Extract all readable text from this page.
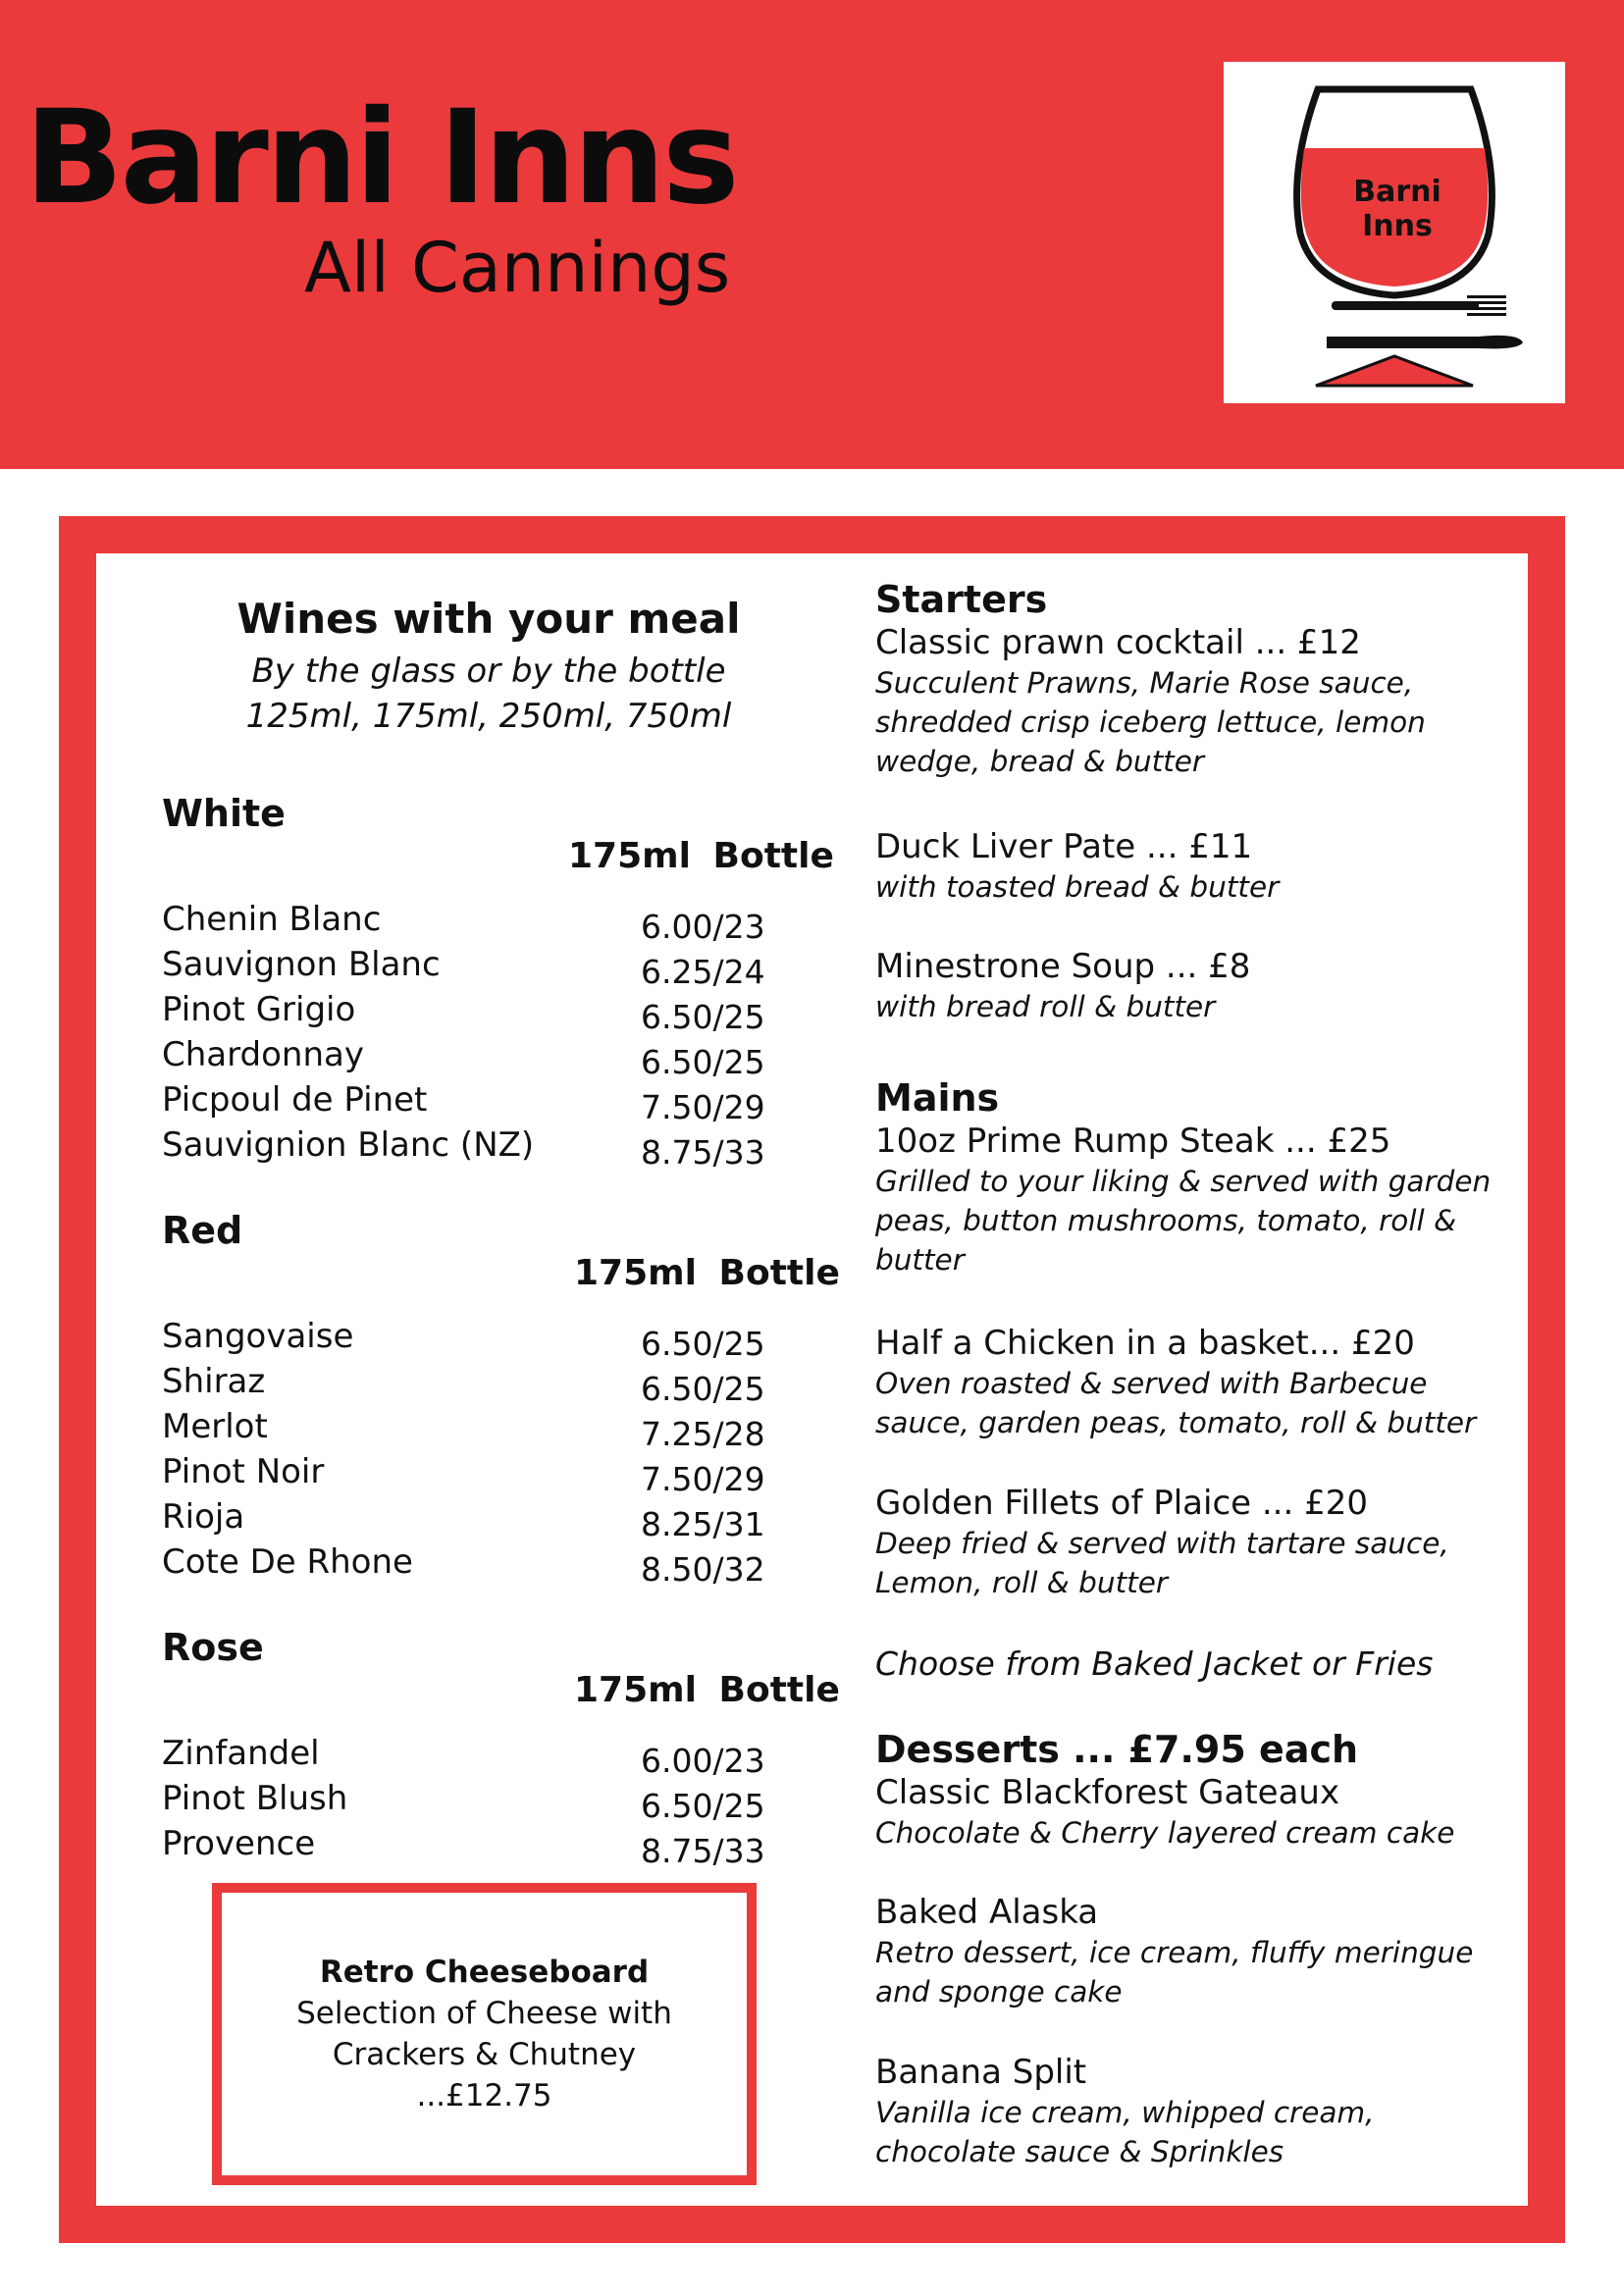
Barni Inns
All Cannings
Barni Inns
Wines with your meal
By the glass or by the bottle
125ml, 175ml, 250ml, 750ml
White
175ml Bottle
Chenin Blanc	6.00/23
Sauvignon Blanc	6.25/24
Pinot Grigio	6.50/25
Chardonnay	6.50/25
Picpoul de Pinet	7.50/29
Sauvignion Blanc (NZ)	8.75/33
Red
175ml Bottle
Sangovaise	6.50/25
Shiraz	6.50/25
Merlot	7.25/28
Pinot Noir	7.50/29
Rioja	8.25/31
Cote De Rhone	8.50/32
Rose
175ml Bottle
Zinfandel	6.00/23
Pinot Blush	6.50/25
Provence	8.75/33
Retro Cheeseboard
Selection of Cheese with Crackers & Chutney
...£12.75
Starters
Classic prawn cocktail ... £12
Succulent Prawns, Marie Rose sauce, shredded crisp iceberg lettuce, lemon wedge, bread & butter
Duck Liver Pate ... £11
with toasted bread & butter
Minestrone Soup ... £8
with bread roll & butter
Mains
10oz Prime Rump Steak ... £25
Grilled to your liking & served with garden peas, button mushrooms, tomato, roll & butter
Half a Chicken in a basket... £20
Oven roasted & served with Barbecue sauce, garden peas, tomato, roll & butter
Golden Fillets of Plaice ... £20
Deep fried & served with tartare sauce, Lemon, roll & butter
Choose from Baked Jacket or Fries
Desserts ... £7.95 each
Classic Blackforest Gateaux
Chocolate & Cherry layered cream cake
Baked Alaska
Retro dessert, ice cream, fluffy meringue and sponge cake
Banana Split
Vanilla ice cream, whipped cream, chocolate sauce & Sprinkles
